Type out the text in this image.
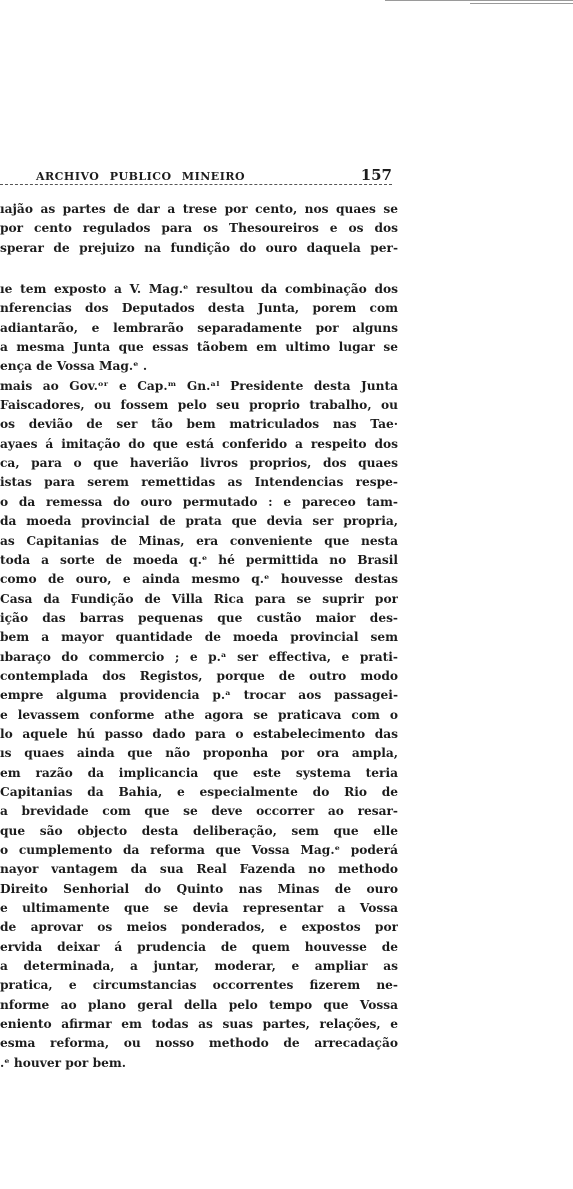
ARCHIVO PUBLICO MINEIRO	157
ıajão as partes de dar a trese por cento, nos quaes se
por cento regulados para os Thesoureiros e os dos
sperar de prejuizo na fundição do ouro daquela per-
ıe tem exposto a V. Mag.ᵉ resultou da combinação dos
nferencias dos Deputados desta Junta, porem com
adiantarão, e lembrarão separadamente por alguns
a mesma Junta que essas tãobem em ultimo lugar se
ença de Vossa Mag.ᵉ .
mais ao Gov.ᵒʳ e Cap.ᵐ Gn.ᵃˡ Presidente desta Junta
Faiscadores, ou fossem pelo seu proprio trabalho, ou
os devião de ser tão bem matriculados nas Tae·
ayaes á imitação do que está conferido a respeito dos
ca, para o que haverião livros proprios, dos quaes
istas para serem remettidas as Intendencias respe-
o da remessa do ouro permutado : e pareceo tam-
da moeda provincial de prata que devia ser propria,
as Capitanias de Minas, era conveniente que nesta
toda a sorte de moeda q.ᵉ hé permittida no Brasil
como de ouro, e ainda mesmo q.ᵉ houvesse destas
Casa da Fundição de Villa Rica para se suprir por
ição das barras pequenas que custão maior des-
bem a mayor quantidade de moeda provincial sem
ıbaraço do commercio ; e p.ᵃ ser effectiva, e prati-
contemplada dos Registos, porque de outro modo
empre alguma providencia p.ᵃ trocar aos passagei-
e levassem conforme athe agora se praticava com o
lo aquele hú passo dado para o estabelecimento das
ıs quaes ainda que não proponha por ora ampla,
em razão da implicancia que este systema teria
Capitanias da Bahia, e especialmente do Rio de
a brevidade com que se deve occorrer ao resar-
que são objecto desta deliberação, sem que elle
o cumplemento da reforma que Vossa Mag.ᵉ poderá
nayor vantagem da sua Real Fazenda no methodo
Direito Senhorial do Quinto nas Minas de ouro
e ultimamente que se devia representar a Vossa
de aprovar os meios ponderados, e expostos por
ervida deixar á prudencia de quem houvesse de
a determinada, a juntar, moderar, e ampliar as
pratica, e circumstancias occorrentes fizerem ne-
nforme ao plano geral della pelo tempo que Vossa
eniento afirmar em todas as suas partes, relações, e
esma reforma, ou nosso methodo de arrecadação
.ᵉ houver por bem.
